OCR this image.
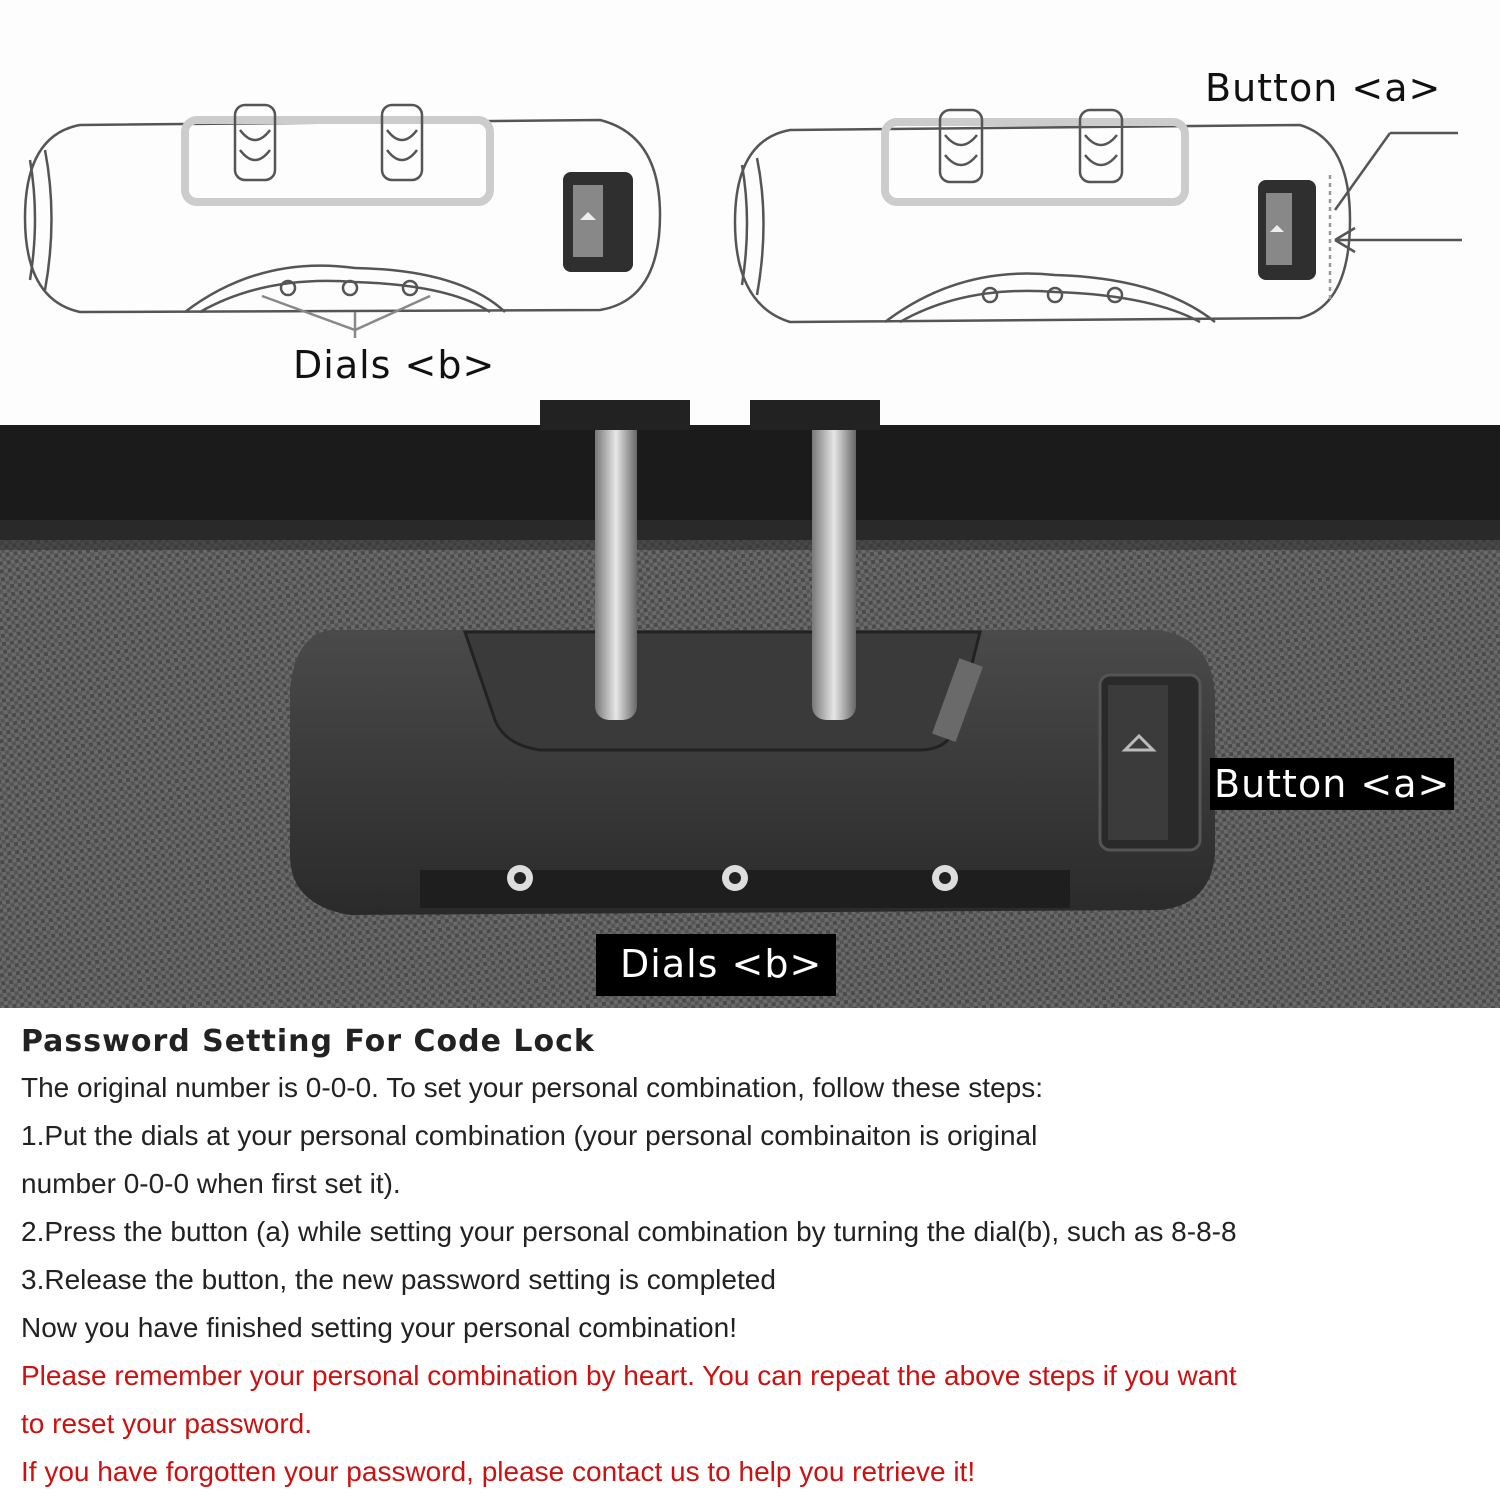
Button <a>
Dials <b>
Button <a>
Dials <b>
Password Setting For Code Lock
The original number is 0-0-0. To set your personal combination, follow these steps:
1.Put the dials at your personal combination (your personal combinaiton is original
number 0-0-0 when first set it).
2.Press the button (a) while setting your personal combination by turning the dial(b), such as 8-8-8
3.Release the button, the new password setting is completed
Now you have finished setting your personal combination!
Please remember your personal combination by heart. You can repeat the above steps if you want
to reset your password.
If you have forgotten your password, please contact us to help you retrieve it!
